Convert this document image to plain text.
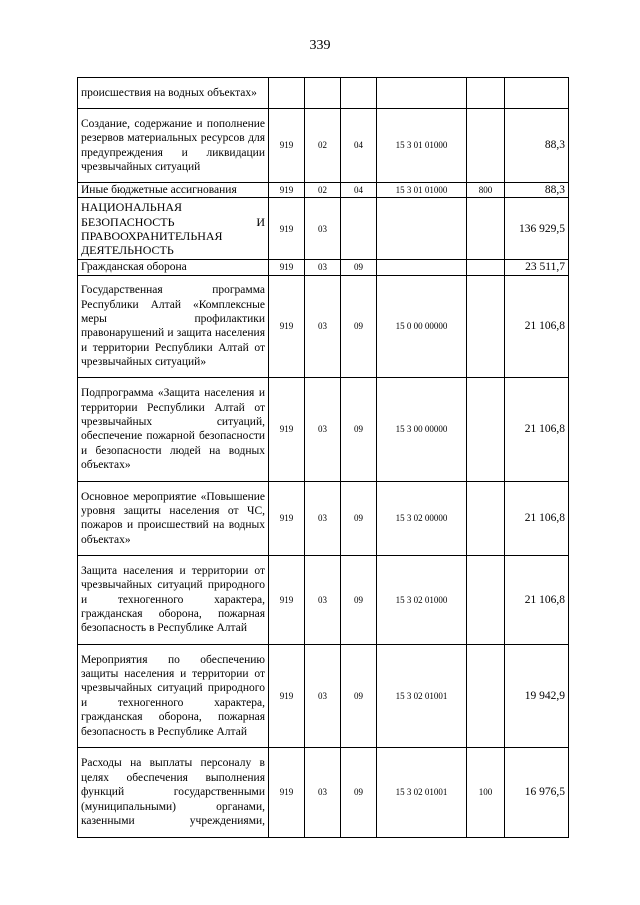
339
происшествия на водных объектах»						
Создание, содержание и пополнение резервов материальных ресурсов для предупреждения и ликвидации чрезвычайных ситуаций	919	02	04	15 3 01 01000		88,3
Иные бюджетные ассигнования	919	02	04	15 3 01 01000	800	88,3
НАЦИОНАЛЬНАЯ БЕЗОПАСНОСТЬ И ПРАВООХРАНИТЕЛЬНАЯ ДЕЯТЕЛЬНОСТЬ	919	03				136 929,5
Гражданская оборона	919	03	09			23 511,7
Государственная программа Республики Алтай «Комплексные меры профилактики правонарушений и защита населения и территории Республики Алтай от чрезвычайных ситуаций»	919	03	09	15 0 00 00000		21 106,8
Подпрограмма «Защита населения и территории Республики Алтай от чрезвычайных ситуаций, обеспечение пожарной безопасности и безопасности людей на водных объектах»	919	03	09	15 3 00 00000		21 106,8
Основное мероприятие «Повышение уровня защиты населения от ЧС, пожаров и происшествий на водных объектах»	919	03	09	15 3 02 00000		21 106,8
Защита населения и территории от чрезвычайных ситуаций природного и техногенного характера, гражданская оборона, пожарная безопасность в Республике Алтай	919	03	09	15 3 02 01000		21 106,8
Мероприятия по обеспечению защиты населения и территории от чрезвычайных ситуаций природного и техногенного характера, гражданская оборона, пожарная безопасность в Республике Алтай	919	03	09	15 3 02 01001		19 942,9
Расходы на выплаты персоналу в целях обеспечения выполнения функций государственными (муниципальными) органами, казенными учреждениями,	919	03	09	15 3 02 01001	100	16 976,5
